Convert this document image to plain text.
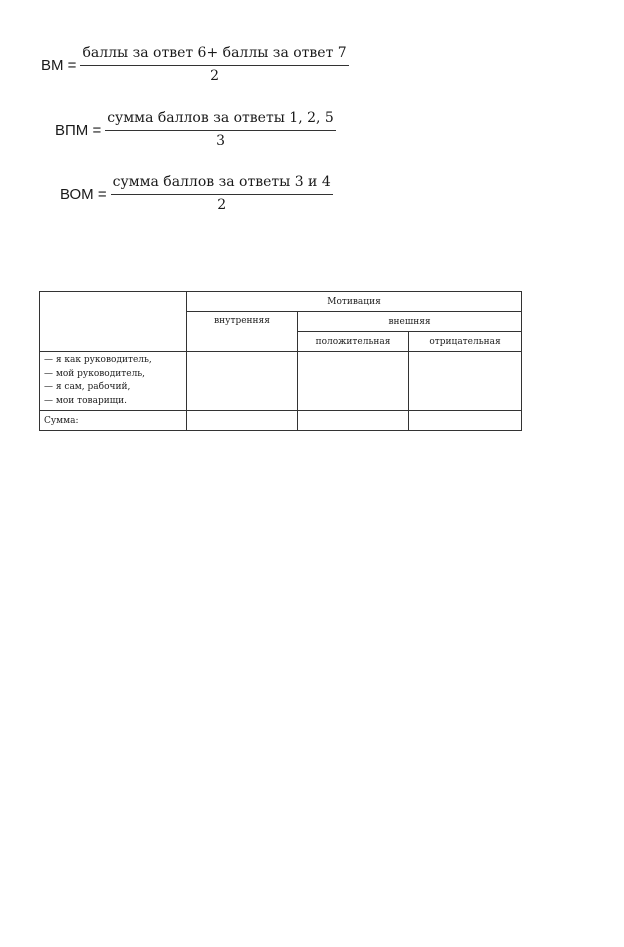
ВМ = $\frac{\text{баллы за ответ 6+ баллы за ответ 7}}{2}$
ВПМ = $\frac{\text{сумма баллов за ответы 1, 2, 5}}{3}$
ВОМ = $\frac{\text{сумма баллов за ответы 3 и 4}}{2}$
	Мотивация		
	внутренняя	внешняя	
		положительная	отрицательная

— я как руководитель,
— мой руководитель,
— я сам, рабочий,
— мои товарищи.			

Сумма:			
